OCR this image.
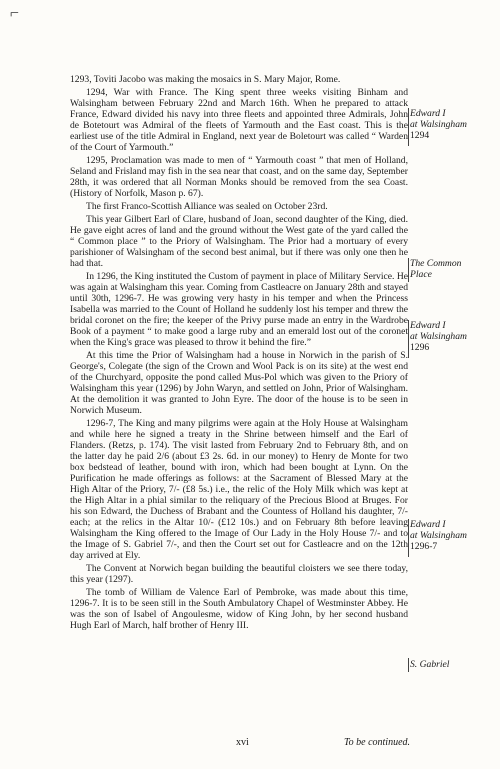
⌐

1293, Toviti Jacobo was making the mosaics in S. Mary Major, Rome.

1294, War with France. The King spent three weeks visiting Binham and Walsingham between February 22nd and March 16th. When he prepared to attack France, Edward divided his navy into three fleets and appointed three Admirals, John de Botetourt was Admiral of the fleets of Yarmouth and the East coast. This is the earliest use of the title Admiral in England, next year de Boletourt was called “ Warden of the Court of Yarmouth.”

1295, Proclamation was made to men of “ Yarmouth coast ” that men of Holland, Seland and Frisland may fish in the sea near that coast, and on the same day, September 28th, it was ordered that all Norman Monks should be removed from the sea Coast. (History of Norfolk, Mason p. 67).

The first Franco-Scottish Alliance was sealed on October 23rd.

This year Gilbert Earl of Clare, husband of Joan, second daughter of the King, died. He gave eight acres of land and the ground without the West gate of the yard called the “ Common place ” to the Priory of Walsingham. The Prior had a mortuary of every parishioner of Walsingham of the second best animal, but if there was only one then he had that.

In 1296, the King instituted the Custom of payment in place of Military Service. He was again at Walsingham this year. Coming from Castleacre on January 28th and stayed until 30th, 1296-7. He was growing very hasty in his temper and when the Princess Isabella was married to the Count of Holland he suddenly lost his temper and threw the bridal coronet on the fire; the keeper of the Privy purse made an entry in the Wardrobe Book of a payment “ to make good a large ruby and an emerald lost out of the coronet when the King's grace was pleased to throw it behind the fire.”

At this time the Prior of Walsingham had a house in Norwich in the parish of S. George's, Colegate (the sign of the Crown and Wool Pack is on its site) at the west end of the Churchyard, opposite the pond called Mus-Pol which was given to the Priory of Walsingham this year (1296) by John Waryn, and settled on John, Prior of Walsingham. At the demolition it was granted to John Eyre. The door of the house is to be seen in Norwich Museum.

1296-7, The King and many pilgrims were again at the Holy House at Walsingham and while here he signed a treaty in the Shrine between himself and the Earl of Flanders. (Retzs, p. 174). The visit lasted from February 2nd to February 8th, and on the latter day he paid 2/6 (about £3 2s. 6d. in our money) to Henry de Monte for two box bedstead of leather, bound with iron, which had been bought at Lynn. On the Purification he made offerings as follows: at the Sacrament of Blessed Mary at the High Altar of the Priory, 7/- (£8 5s.) i.e., the relic of the Holy Milk which was kept at the High Altar in a phial similar to the reliquary of the Precious Blood at Bruges. For his son Edward, the Duchess of Brabant and the Countess of Holland his daughter, 7/- each; at the relics in the Altar 10/- (£12 10s.) and on February 8th before leaving Walsingham the King offered to the Image of Our Lady in the Holy House 7/- and to the Image of S. Gabriel 7/-, and then the Court set out for Castleacre and on the 12th day arrived at Ely.

The Convent at Norwich began building the beautiful cloisters we see there today, this year (1297).

The tomb of William de Valence Earl of Pembroke, was made about this time, 1296-7. It is to be seen still in the South Ambulatory Chapel of Westminster Abbey. He was the son of Isabel of Angoulesme, widow of King John, by her second husband Hugh Earl of March, half brother of Henry III.

Edward I
at Walsingham
1294
The Common
Place
Edward I
at Walsingham
1296
Edward I
at Walsingham
1296-7
S. Gabriel
xvi	To be continued.
